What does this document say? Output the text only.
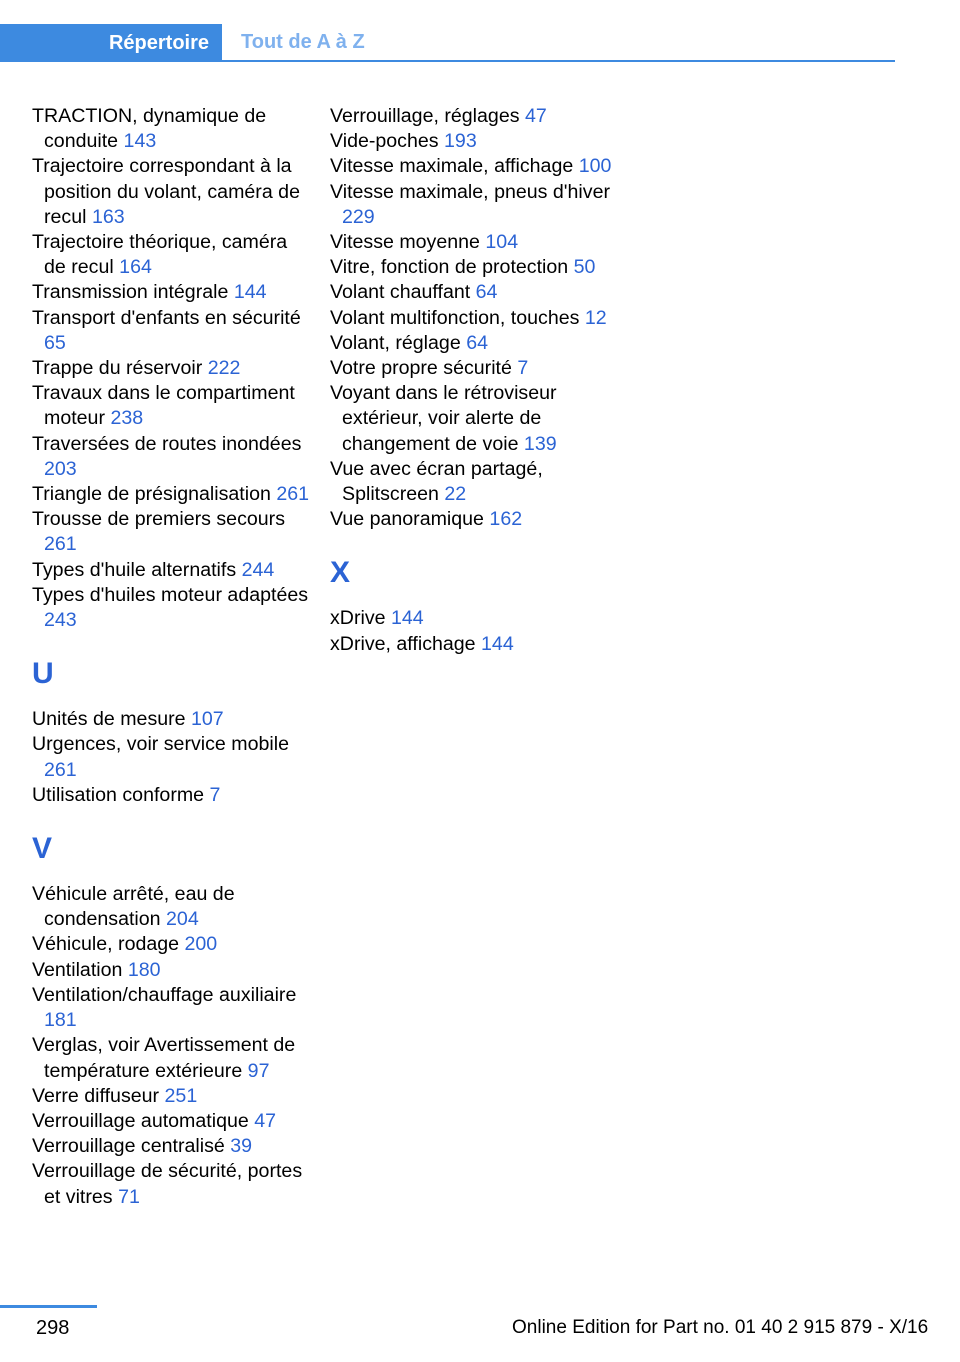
Répertoire	Tout de A à Z
TRACTION, dynamique de conduite 143
Trajectoire correspondant à la position du volant, caméra de recul 163
Trajectoire théorique, caméra de recul 164
Transmission intégrale 144
Transport d'enfants en sécurité 65
Trappe du réservoir 222
Travaux dans le compartiment moteur 238
Traversées de routes inondées 203
Triangle de présignalisation 261
Trousse de premiers secours 261
Types d'huile alternatifs 244
Types d'huiles moteur adaptées 243
U
Unités de mesure 107
Urgences, voir service mobile 261
Utilisation conforme 7
V
Véhicule arrêté, eau de condensation 204
Véhicule, rodage 200
Ventilation 180
Ventilation/chauffage auxiliaire 181
Verglas, voir Avertissement de température extérieure 97
Verre diffuseur 251
Verrouillage automatique 47
Verrouillage centralisé 39
Verrouillage de sécurité, portes et vitres 71
Verrouillage, réglages 47
Vide-poches 193
Vitesse maximale, affichage 100
Vitesse maximale, pneus d'hiver 229
Vitesse moyenne 104
Vitre, fonction de protection 50
Volant chauffant 64
Volant multifonction, touches 12
Volant, réglage 64
Votre propre sécurité 7
Voyant dans le rétroviseur extérieur, voir alerte de changement de voie 139
Vue avec écran partagé, Splitscreen 22
Vue panoramique 162
X
xDrive 144
xDrive, affichage 144
298	Online Edition for Part no. 01 40 2 915 879 - X/16
